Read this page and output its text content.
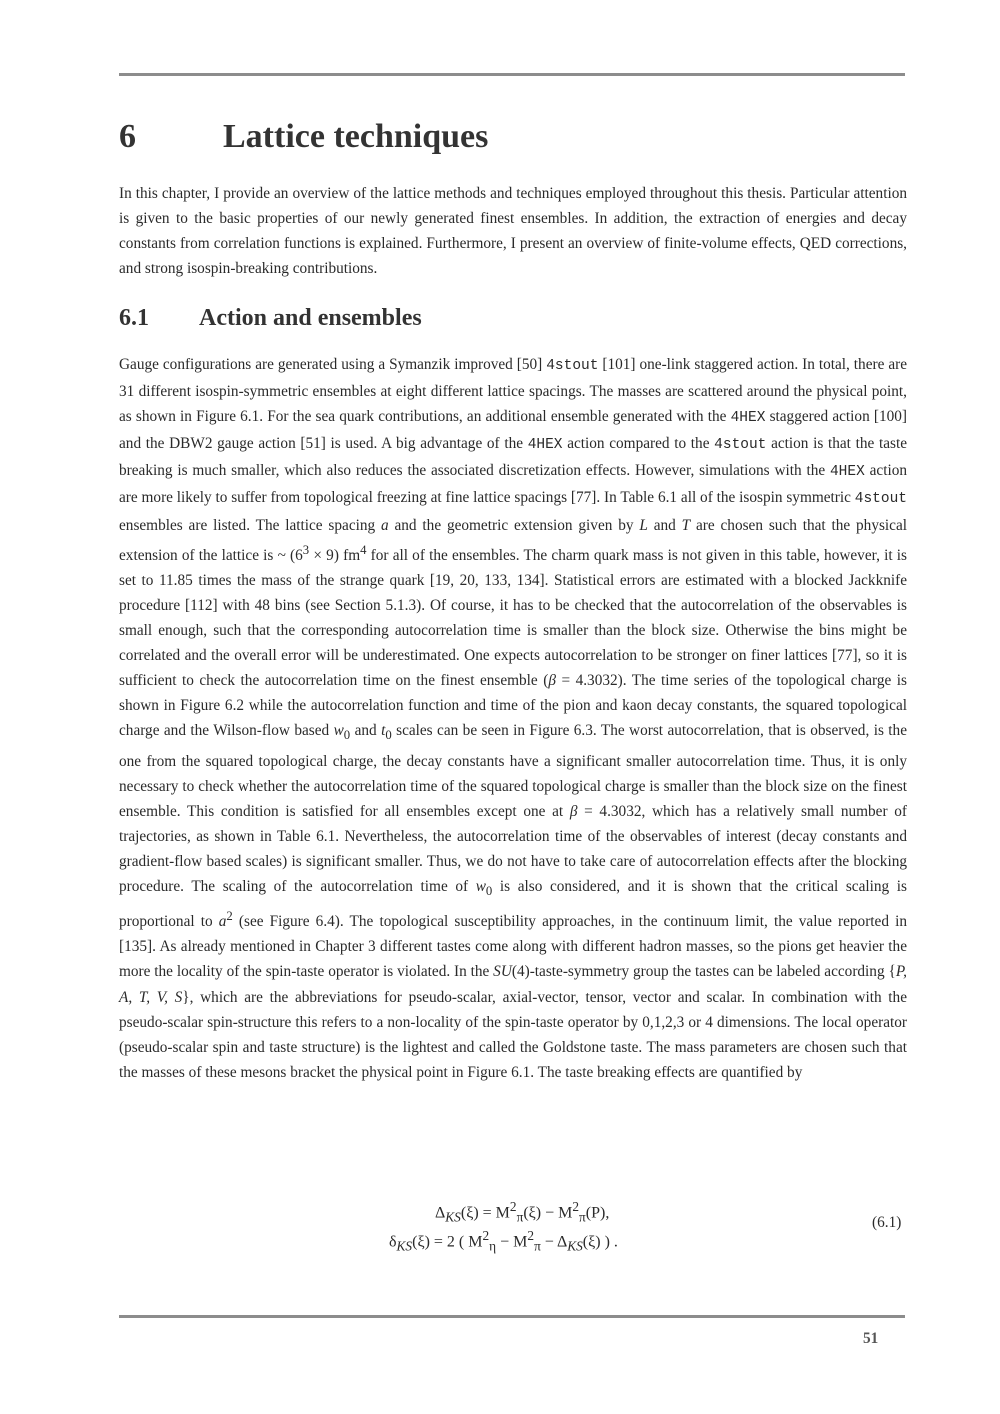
6	Lattice techniques

In this chapter, I provide an overview of the lattice methods and techniques employed throughout this thesis. Particular attention is given to the basic properties of our newly generated finest ensembles. In addition, the extraction of energies and decay constants from correlation functions is explained. Furthermore, I present an overview of finite-volume effects, QED corrections, and strong isospin-breaking contributions.

6.1 Action and ensembles

Gauge configurations are generated using a Symanzik improved [50] 4stout [101] one-link staggered action. In total, there are 31 different isospin-symmetric ensembles at eight different lattice spacings. The masses are scattered around the physical point, as shown in Figure 6.1. For the sea quark contributions, an additional ensemble generated with the 4HEX staggered action [100] and the DBW2 gauge action [51] is used. A big advantage of the 4HEX action compared to the 4stout action is that the taste breaking is much smaller, which also reduces the associated discretization effects. However, simulations with the 4HEX action are more likely to suffer from topological freezing at fine lattice spacings [77]. In Table 6.1 all of the isospin symmetric 4stout ensembles are listed. The lattice spacing a and the geometric extension given by L and T are chosen such that the physical extension of the lattice is ~ $(6^3 \times 9)$ $fm^4$ for all of the ensembles. The charm quark mass is not given in this table, however, it is set to 11.85 times the mass of the strange quark [19, 20, 133, 134]. Statistical errors are estimated with a blocked Jackknife procedure [112] with 48 bins (see Section 5.1.3). Of course, it has to be checked that the autocorrelation of the observables is small enough, such that the corresponding autocorrelation time is smaller than the block size. Otherwise the bins might be correlated and the overall error will be underestimated. One expects autocorrelation to be stronger on finer lattices [77], so it is sufficient to check the autocorrelation time on the finest ensemble (β = 4.3032). The time series of the topological charge is shown in Figure 6.2 while the autocorrelation function and time of the pion and kaon decay constants, the squared topological charge and the Wilson-flow based $w_0$ and $t_0$ scales can be seen in Figure 6.3. The worst autocorrelation, that is observed, is the one from the squared topological charge, the decay constants have a significant smaller autocorrelation time. Thus, it is only necessary to check whether the autocorrelation time of the squared topological charge is smaller than the block size on the finest ensemble. This condition is satisfied for all ensembles except one at β = 4.3032, which has a relatively small number of trajectories, as shown in Table 6.1. Nevertheless, the autocorrelation time of the observables of interest (decay constants and gradient-flow based scales) is significant smaller. Thus, we do not have to take care of autocorrelation effects after the blocking procedure. The scaling of the autocorrelation time of $w_0$ is also considered, and it is shown that the critical scaling is proportional to $a^2$ (see Figure 6.4). The topological susceptibility approaches, in the continuum limit, the value reported in [135]. As already mentioned in Chapter 3 different tastes come along with different hadron masses, so the pions get heavier the more the locality of the spin-taste operator is violated. In the SU(4)-taste-symmetry group the tastes can be labeled according {P, A, T, V, S}, which are the abbreviations for pseudo-scalar, axial-vector, tensor, vector and scalar. In combination with the pseudo-scalar spin-structure this refers to a non-locality of the spin-taste operator by 0,1,2,3 or 4 dimensions. The local operator (pseudo-scalar spin and taste structure) is the lightest and called the Goldstone taste. The mass parameters are chosen such that the masses of these mesons bracket the physical point in Figure 6.1. The taste breaking effects are quantified by

$\Delta_{KS}(\xi) = M^2_\pi(\xi) - M^2_\pi(P)$,
$\delta_{KS}(\xi) = 2$ ( $M^2_\eta - M^2_\pi - \Delta_{KS}(\xi)$ ) .
(6.1)
51
